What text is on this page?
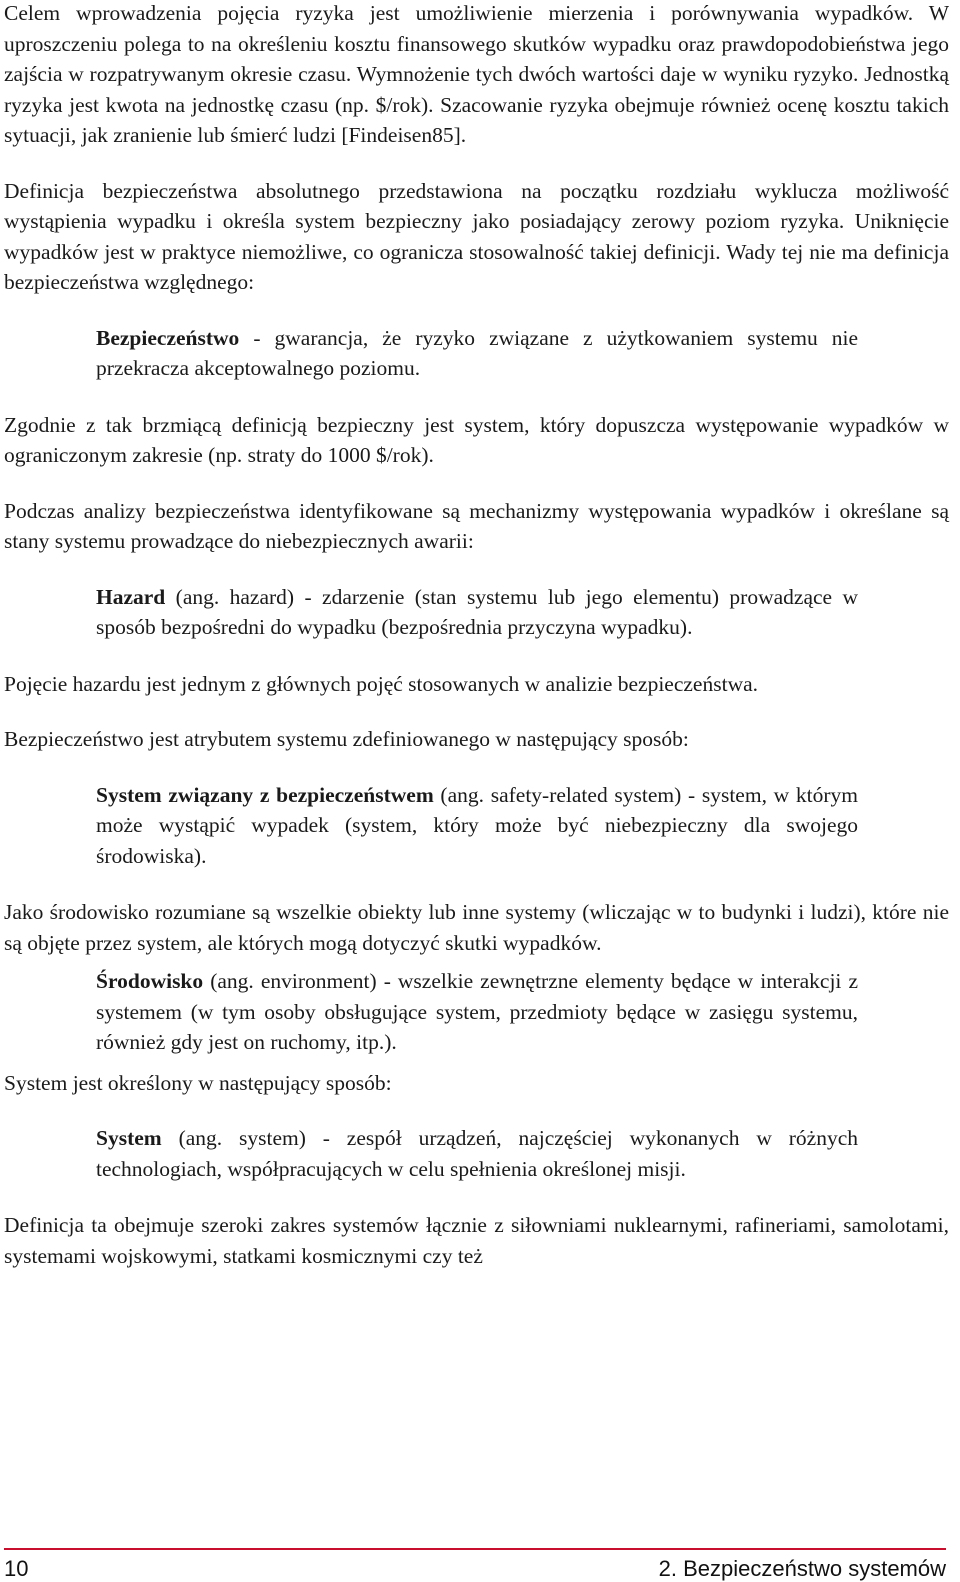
Celem wprowadzenia pojęcia ryzyka jest umożliwienie mierzenia i porównywania wypadków. W uproszczeniu polega to na określeniu kosztu finansowego skutków wypadku oraz prawdopodobieństwa jego zajścia w rozpatrywanym okresie czasu. Wymnożenie tych dwóch wartości daje w wyniku ryzyko. Jednostką ryzyka jest kwota na jednostkę czasu (np. $/rok). Szacowanie ryzyka obejmuje również ocenę kosztu takich sytuacji, jak zranienie lub śmierć ludzi [Findeisen85].

Definicja bezpieczeństwa absolutnego przedstawiona na początku rozdziału wyklucza możliwość wystąpienia wypadku i określa system bezpieczny jako posiadający zerowy poziom ryzyka. Uniknięcie wypadków jest w praktyce niemożliwe, co ogranicza stosowalność takiej definicji. Wady tej nie ma definicja bezpieczeństwa względnego:

Bezpieczeństwo - gwarancja, że ryzyko związane z użytkowaniem systemu nie przekracza akceptowalnego poziomu.

Zgodnie z tak brzmiącą definicją bezpieczny jest system, który dopuszcza występowanie wypadków w ograniczonym zakresie (np. straty do 1000 $/rok).

Podczas analizy bezpieczeństwa identyfikowane są mechanizmy występowania wypadków i określane są stany systemu prowadzące do niebezpiecznych awarii:

Hazard (ang. hazard) - zdarzenie (stan systemu lub jego elementu) prowadzące w sposób bezpośredni do wypadku (bezpośrednia przyczyna wypadku).

Pojęcie hazardu jest jednym z głównych pojęć stosowanych w analizie bezpieczeństwa.

Bezpieczeństwo jest atrybutem systemu zdefiniowanego w następujący sposób:

System związany z bezpieczeństwem (ang. safety-related system) - system, w którym może wystąpić wypadek (system, który może być niebezpieczny dla swojego środowiska).

Jako środowisko rozumiane są wszelkie obiekty lub inne systemy (wliczając w to budynki i ludzi), które nie są objęte przez system, ale których mogą dotyczyć skutki wypadków.

Środowisko (ang. environment) - wszelkie zewnętrzne elementy będące w interakcji z systemem (w tym osoby obsługujące system, przedmioty będące w zasięgu systemu, również gdy jest on ruchomy, itp.).

System jest określony w następujący sposób:

System (ang. system) - zespół urządzeń, najczęściej wykonanych w różnych technologiach, współpracujących w celu spełnienia określonej misji.

Definicja ta obejmuje szeroki zakres systemów łącznie z siłowniami nuklearnymi, rafineriami, samolotami, systemami wojskowymi, statkami kosmicznymi czy też

10	2. Bezpieczeństwo systemów
